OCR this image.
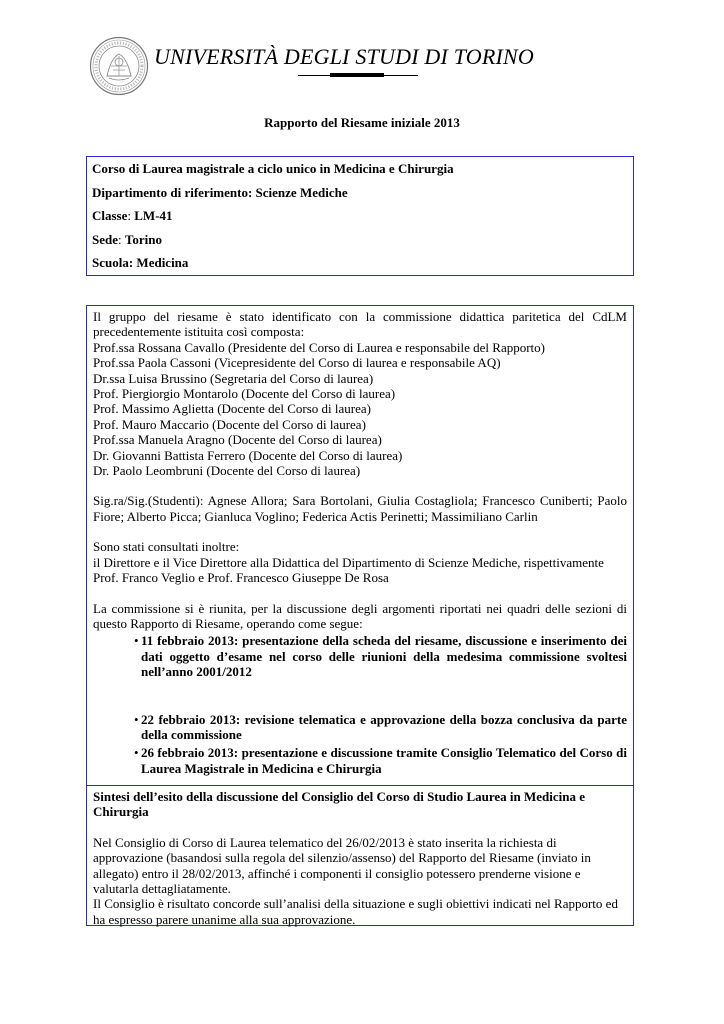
UNIVERSITÀ DEGLI STUDI DI TORINO
Rapporto del Riesame iniziale 2013
Corso di Laurea magistrale a ciclo unico in Medicina e Chirurgia
Dipartimento di riferimento: Scienze Mediche
Classe: LM-41
Sede: Torino
Scuola: Medicina
Il gruppo del riesame è stato identificato con la commissione didattica paritetica del CdLM precedentemente istituita così composta:
Prof.ssa Rossana Cavallo (Presidente del Corso di Laurea e responsabile del Rapporto)
Prof.ssa Paola Cassoni (Vicepresidente del Corso di laurea e responsabile AQ)
Dr.ssa Luisa Brussino (Segretaria del Corso di laurea)
Prof. Piergiorgio Montarolo (Docente del Corso di laurea)
Prof. Massimo Aglietta (Docente del Corso di laurea)
Prof. Mauro Maccario (Docente del Corso di laurea)
Prof.ssa Manuela Aragno (Docente del Corso di laurea)
Dr. Giovanni Battista Ferrero (Docente del Corso di laurea)
Dr. Paolo Leombruni (Docente del Corso di laurea)
Sig.ra/Sig.(Studenti): Agnese Allora; Sara Bortolani, Giulia Costagliola; Francesco Cuniberti; Paolo Fiore; Alberto Picca; Gianluca Voglino; Federica Actis Perinetti; Massimiliano Carlin
Sono stati consultati inoltre:
il Direttore e il Vice Direttore alla Didattica del Dipartimento di Scienze Mediche, rispettivamente Prof. Franco Veglio e Prof. Francesco Giuseppe De Rosa
La commissione si è riunita, per la discussione degli argomenti riportati nei quadri delle sezioni di questo Rapporto di Riesame, operando come segue:
• 11 febbraio 2013: presentazione della scheda del riesame, discussione e inserimento dei dati oggetto d’esame nel corso delle riunioni della medesima commissione svoltesi nell’anno 2001/2012
• 22 febbraio 2013: revisione telematica e approvazione della bozza conclusiva da parte della commissione
• 26 febbraio 2013: presentazione e discussione tramite Consiglio Telematico del Corso di Laurea Magistrale in Medicina e Chirurgia
Sintesi dell’esito della discussione del Consiglio del Corso di Studio Laurea in Medicina e Chirurgia
Nel Consiglio di Corso di Laurea telematico del 26/02/2013 è stato inserita la richiesta di approvazione (basandosi sulla regola del silenzio/assenso) del Rapporto del Riesame (inviato in allegato) entro il 28/02/2013, affinché i componenti il consiglio potessero prenderne visione e valutarla dettagliatamente.
Il Consiglio è risultato concorde sull’analisi della situazione e sugli obiettivi indicati nel Rapporto ed ha espresso parere unanime alla sua approvazione.
